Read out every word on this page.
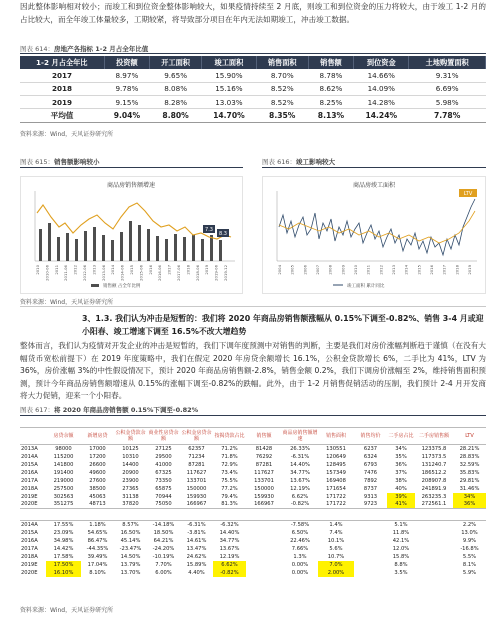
因此整体影响相对较小；而竣工和到位资金整体影响较大，如果疫情持续至 2 月底，则竣工和到位资金的压力将较大，由于竣工 1-2 月的占比较大，而全年竣工体量较多，工期较紧，将导致部分项目在年内无法如期竣工，冲击竣工数据。
图表 614：房地产各指标 1-2 月占全年比值
1-2 月占全年比	投资额	开工面积	竣工面积	销售面积	销售额	到位资金	土地购置面积
2017	8.97%	9.65%	15.90%	8.70%	8.78%	14.66%	9.31%
2018	9.78%	8.08%	15.16%	8.52%	8.62%	14.09%	6.69%
2019	9.15%	8.28%	13.03%	8.52%	8.25%	14.28%	5.98%
平均值	9.04%	8.80%	14.70%	8.35%	8.13%	14.24%	7.78%
资料来源：Wind，天风证券研究所
图表 615：销售额影响较小	图表 616：竣工影响较大
商品房销售额增速
7.3
8.3
2010 2010-06 2011 2011-06 2012 2012-06 2013 2013-06 2014 2014-06 2015 2015-06 2016 2016-06 2017 2017-06 2018 2018-06 2019 2019-06 2019-12
销售额 占全年比例
商品房竣工面积
LTV
2004 2005 2006 2007 2008 2009 2010 2011 2012 2013 2014 2015 2016 2017 2018 2019
竣工面积 累计同比
资料来源：Wind，天风证券研究所
3、1.3. 我们认为冲击是短暂的：我们将 2020 年商品房销售额涨幅从 0.15%下调至-0.82%、销售 3-4 月或迎小阳春、竣工增速下调至 16.5%不改大增趋势
整体而言，我们认为疫情对开发企业的冲击是短暂的，我们下调年度预测中对销售的判断，主要是我们对房价涨幅判断趋于谨慎（在没有大幅货币宽松前提下）在 2019 年度策略中，我们在假定 2020 年房贷余额增长 16.1%，公积金贷款增长 6%，二手比为 41%，LTV 为 36%，房价涨幅 3%的中性假设情况下，预计 2020 年商品房销售额-2.8%，销售金额 0.2%，我们下调房价涨幅至 2%，维持销售面积预测，预计今年商品房销售额增速从 0.15%的涨幅下调至-0.82%的跌幅。此外，由于 1-2 月销售促销活动的压制，我们预计 2-4 月开发商将大力促销，迎来一个小阳春。
图表 617：将 2020 年商品房销售额 0.15%下调至-0.82%
	房贷余额	新增房贷	公积金贷款余额	商业性房贷余额	公积金房贷余额	按揭贷款占比	销售额	商品房销售额增速	销售面积	销售均价	二手房占比	二手房销售额	LTV
2013A	98000	17000	10125	27125	62357	71.2%	81428	26.33%	130551	6237	34%	123375.8	28.21%
2014A	115200	17200	10310	29500	71234	71.8%	76292	-6.31%	120649	6324	35%	117373.5	28.83%
2015A	141800	26600	14400	41000	87281	72.9%	87281	14.40%	128495	6793	36%	131240.7	32.59%
2016A	191400	49600	20900	67325	117627	73.4%	117627	34.77%	157349	7476	37%	186512.2	35.83%
2017A	219000	27600	23900	73350	133701	75.5%	133701	13.67%	169408	7892	38%	208907.8	29.81%
2018A	257500	38500	27365	65875	150000	77.2%	150000	12.19%	171654	8737	40%	241891.9	31.46%
2019E	302563	45063	31138	70944	159930	79.4%	159930	6.62%	171722	9313	39%	263235.3	34%
2020E	351275	48713	37820	75050	166967	81.3%	166967	-0.82%	171722	9723	41%	272561.1	36%

2014A	17.55%	1.18%	8.57%	-14.18%	-6.31%	-6.32%		-7.58%	1.4%		5.1%		2.2%
2015A	23.09%	54.65%	16.50%	18.50%	-3.81%	14.40%		6.50%	7.4%		11.8%		13.0%
2016A	34.98%	86.47%	45.14%	64.21%	14.61%	34.77%		22.46%	10.1%		42.1%		9.9%
2017A	14.42%	-44.35%	-23.47%	-24.20%	13.47%	13.67%		7.66%	5.6%		12.0%		-16.8%
2018A	17.58%	39.49%	14.50%	-10.19%	24.62%	12.19%		1.3%	10.7%		15.8%		5.5%
2019E	17.50%	17.04%	13.79%	7.70%	15.89%	6.62%		0.00%	7.0%		8.8%		8.1%
2020E	16.10%	8.10%	13.70%	6.00%	4.40%	-0.82%		0.00%	2.00%		3.5%		5.9%
资料来源：Wind，天风证券研究所
